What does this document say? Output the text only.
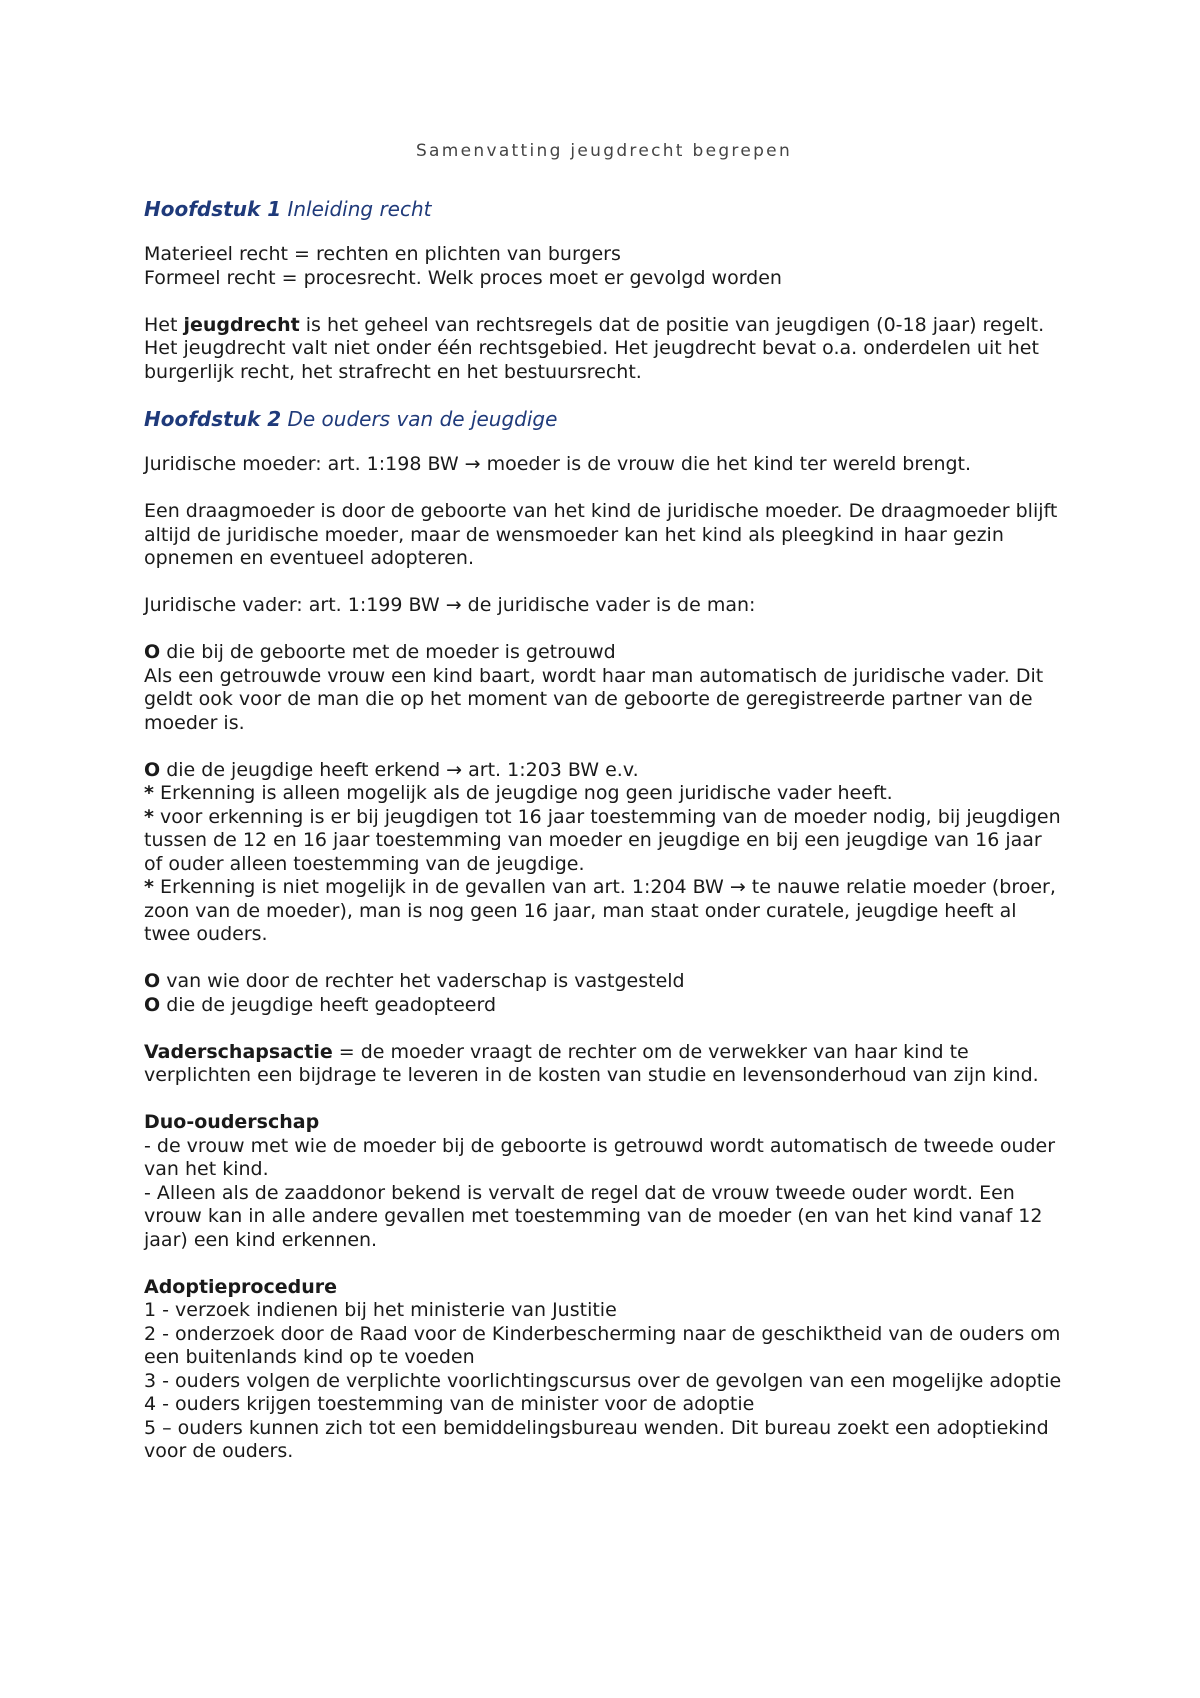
Samenvatting jeugdrecht begrepen
Hoofdstuk 1 Inleiding recht

Materieel recht = rechten en plichten van burgers
Formeel recht = procesrecht. Welk proces moet er gevolgd worden

Het jeugdrecht is het geheel van rechtsregels dat de positie van jeugdigen (0-18 jaar) regelt. Het jeugdrecht valt niet onder één rechtsgebied. Het jeugdrecht bevat o.a. onderdelen uit het burgerlijk recht, het strafrecht en het bestuursrecht.

Hoofdstuk 2 De ouders van de jeugdige

Juridische moeder: art. 1:198 BW → moeder is de vrouw die het kind ter wereld brengt.

Een draagmoeder is door de geboorte van het kind de juridische moeder. De draagmoeder blijft altijd de juridische moeder, maar de wensmoeder kan het kind als pleegkind in haar gezin opnemen en eventueel adopteren.

Juridische vader: art. 1:199 BW → de juridische vader is de man:

O die bij de geboorte met de moeder is getrouwd
Als een getrouwde vrouw een kind baart, wordt haar man automatisch de juridische vader. Dit geldt ook voor de man die op het moment van de geboorte de geregistreerde partner van de moeder is.

O die de jeugdige heeft erkend → art. 1:203 BW e.v.
* Erkenning is alleen mogelijk als de jeugdige nog geen juridische vader heeft.
* voor erkenning is er bij jeugdigen tot 16 jaar toestemming van de moeder nodig, bij jeugdigen tussen de 12 en 16 jaar toestemming van moeder en jeugdige en bij een jeugdige van 16 jaar of ouder alleen toestemming van de jeugdige.
* Erkenning is niet mogelijk in de gevallen van art. 1:204 BW → te nauwe relatie moeder (broer, zoon van de moeder), man is nog geen 16 jaar, man staat onder curatele, jeugdige heeft al twee ouders.

O van wie door de rechter het vaderschap is vastgesteld
O die de jeugdige heeft geadopteerd

Vaderschapsactie = de moeder vraagt de rechter om de verwekker van haar kind te verplichten een bijdrage te leveren in de kosten van studie en levensonderhoud van zijn kind.

Duo-ouderschap
- de vrouw met wie de moeder bij de geboorte is getrouwd wordt automatisch de tweede ouder van het kind.
- Alleen als de zaaddonor bekend is vervalt de regel dat de vrouw tweede ouder wordt. Een vrouw kan in alle andere gevallen met toestemming van de moeder (en van het kind vanaf 12 jaar) een kind erkennen.

Adoptieprocedure
1 - verzoek indienen bij het ministerie van Justitie
2 - onderzoek door de Raad voor de Kinderbescherming naar de geschiktheid van de ouders om een buitenlands kind op te voeden
3 - ouders volgen de verplichte voorlichtingscursus over de gevolgen van een mogelijke adoptie
4 - ouders krijgen toestemming van de minister voor de adoptie
5 – ouders kunnen zich tot een bemiddelingsbureau wenden. Dit bureau zoekt een adoptiekind voor de ouders.
